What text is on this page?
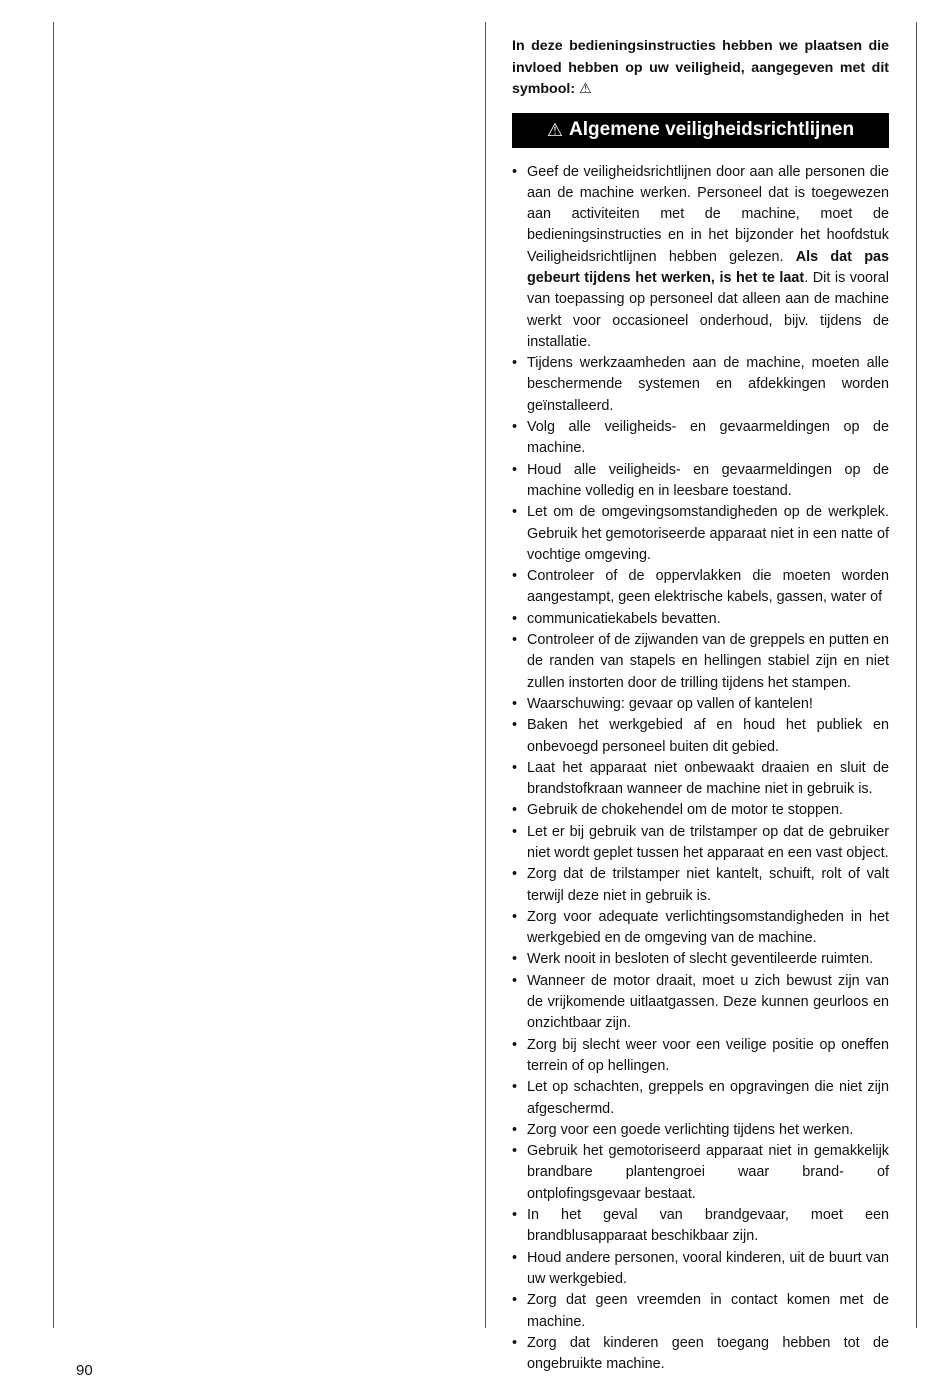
In deze bedieningsinstructies hebben we plaatsen die invloed hebben op uw veiligheid, aangegeven met dit symbool: ⚠
⚠ Algemene veiligheidsrichtlijnen
• Geef de veiligheidsrichtlijnen door aan alle personen die aan de machine werken. Personeel dat is toegewezen aan activiteiten met de machine, moet de bedieningsinstructies en in het bijzonder het hoofdstuk Veiligheidsrichtlijnen hebben gelezen. Als dat pas gebeurt tijdens het werken, is het te laat. Dit is vooral van toepassing op personeel dat alleen aan de machine werkt voor occasioneel onderhoud, bijv. tijdens de installatie.
• Tijdens werkzaamheden aan de machine, moeten alle beschermende systemen en afdekkingen worden geïnstalleerd.
• Volg alle veiligheids- en gevaarmeldingen op de machine.
• Houd alle veiligheids- en gevaarmeldingen op de machine volledig en in leesbare toestand.
• Let om de omgevingsomstandigheden op de werkplek. Gebruik het gemotoriseerde apparaat niet in een natte of vochtige omgeving.
• Controleer of de oppervlakken die moeten worden aangestampt, geen elektrische kabels, gassen, water of
• communicatiekabels bevatten.
• Controleer of de zijwanden van de greppels en putten en de randen van stapels en hellingen stabiel zijn en niet zullen instorten door de trilling tijdens het stampen.
• Waarschuwing: gevaar op vallen of kantelen!
• Baken het werkgebied af en houd het publiek en onbevoegd personeel buiten dit gebied.
• Laat het apparaat niet onbewaakt draaien en sluit de brandstofkraan wanneer de machine niet in gebruik is.
• Gebruik de chokehendel om de motor te stoppen.
• Let er bij gebruik van de trilstamper op dat de gebruiker niet wordt geplet tussen het apparaat en een vast object.
• Zorg dat de trilstamper niet kantelt, schuift, rolt of valt terwijl deze niet in gebruik is.
• Zorg voor adequate verlichtingsomstandigheden in het werkgebied en de omgeving van de machine.
• Werk nooit in besloten of slecht geventileerde ruimten.
• Wanneer de motor draait, moet u zich bewust zijn van de vrijkomende uitlaatgassen. Deze kunnen geurloos en onzichtbaar zijn.
• Zorg bij slecht weer voor een veilige positie op oneffen terrein of op hellingen.
• Let op schachten, greppels en opgravingen die niet zijn afgeschermd.
• Zorg voor een goede verlichting tijdens het werken.
• Gebruik het gemotoriseerd apparaat niet in gemakkelijk brandbare plantengroei waar brand- of ontplofingsgevaar bestaat.
• In het geval van brandgevaar, moet een brandblusapparaat beschikbaar zijn.
• Houd andere personen, vooral kinderen, uit de buurt van uw werkgebied.
• Zorg dat geen vreemden in contact komen met de machine.
• Zorg dat kinderen geen toegang hebben tot de ongebruikte machine.
90
